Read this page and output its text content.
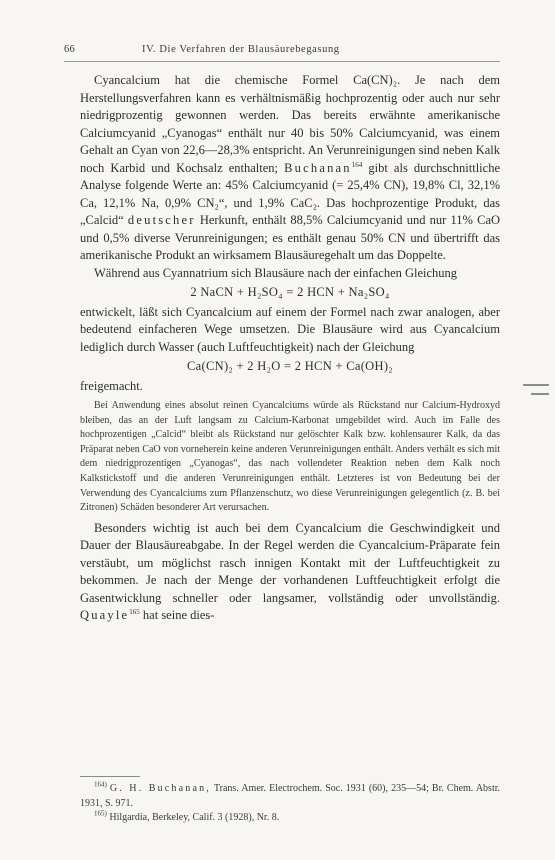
66	IV. Die Verfahren der Blausäurebegasung

Cyancalcium hat die chemische Formel Ca(CN)₂. Je nach dem Herstellungsverfahren kann es verhältnismäßig hochprozentig oder auch nur sehr niedrigprozentig gewonnen werden. Das bereits erwähnte amerikanische Calciumcyanid „Cyanogas“ enthält nur 40 bis 50% Calciumcyanid, was einem Gehalt an Cyan von 22,6—28,3% entspricht. An Verunreinigungen sind neben Kalk noch Karbid und Kochsalz enthalten; Buchanan$^{164}$ gibt als durchschnittliche Analyse folgende Werte an: 45% Calciumcyanid (= 25,4% CN), 19,8% Cl, 32,1% Ca, 12,1% Na, 0,9% CN₂“, und 1,9% CaC₂. Das hochprozentige Produkt, das „Calcid“ deutscher Herkunft, enthält 88,5% Calciumcyanid und nur 11% CaO und 0,5% diverse Verunreinigungen; es enthält genau 50% CN und übertrifft das amerikanische Produkt an wirksamem Blausäuregehalt um das Doppelte.

Während aus Cyannatrium sich Blausäure nach der einfachen Gleichung

2 NaCN + H₂SO₄ = 2 HCN + Na₂SO₄

entwickelt, läßt sich Cyancalcium auf einem der Formel nach zwar analogen, aber bedeutend einfacheren Wege umsetzen. Die Blausäure wird aus Cyancalcium lediglich durch Wasser (auch Luftfeuchtigkeit) nach der Gleichung

Ca(CN)₂ + 2 H₂O = 2 HCN + Ca(OH)₂

freigemacht.

Bei Anwendung eines absolut reinen Cyancalciums würde als Rückstand nur Calcium-Hydroxyd bleiben, das an der Luft langsam zu Calcium-Karbonat umgebildet wird. Auch im Falle des hochprozentigen „Calcid“ bleibt als Rückstand nur gelöschter Kalk bzw. kohlensaurer Kalk, da das Präparat neben CaO von vorneherein keine anderen Verunreinigungen enthält. Anders verhält es sich mit dem niedrigprozentigen „Cyanogas“, das nach vollendeter Reaktion neben dem Kalk noch Kalkstickstoff und die anderen Verunreinigungen enthält. Letzteres ist von Bedeutung bei der Verwendung des Cyancalciums zum Pflanzenschutz, wo diese Verunreinigungen gelegentlich (z. B. bei Zitronen) Schäden besonderer Art verursachen.

Besonders wichtig ist auch bei dem Cyancalcium die Geschwindigkeit und Dauer der Blausäureabgabe. In der Regel werden die Cyancalcium-Präparate fein verstäubt, um möglichst rasch innigen Kontakt mit der Luftfeuchtigkeit zu bekommen. Je nach der Menge der vorhandenen Luftfeuchtigkeit erfolgt die Gasentwicklung schneller oder langsamer, vollständig oder unvollständig. Quayle$^{165}$ hat seine dies-

$^{164)}$ G. H. Buchanan, Trans. Amer. Electrochem. Soc. 1931 (60), 235—54; Br. Chem. Abstr. 1931, S. 971.

$^{165)}$ Hilgardia, Berkeley, Calif. 3 (1928), Nr. 8.
